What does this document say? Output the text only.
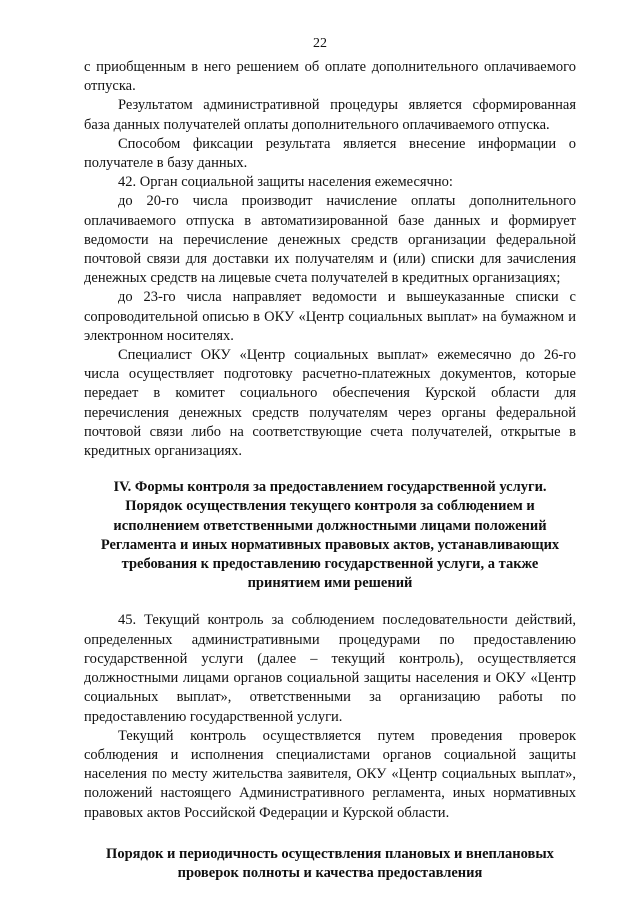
22

с приобщенным в него решением об оплате дополнительного оплачиваемого отпуска.

Результатом административной процедуры является сформированная база данных получателей оплаты дополнительного оплачиваемого отпуска.

Способом фиксации результата является внесение информации о получателе в базу данных.

42. Орган социальной защиты населения ежемесячно:

до 20-го числа производит начисление оплаты дополнительного оплачиваемого отпуска в автоматизированной базе данных и формирует ведомости на перечисление денежных средств организации федеральной почтовой связи для доставки их получателям и (или) списки для зачисления денежных средств на лицевые счета получателей в кредитных организациях;

до 23-го числа направляет ведомости и вышеуказанные списки с сопроводительной описью в ОКУ «Центр социальных выплат» на бумажном и электронном носителях.

Специалист ОКУ «Центр социальных выплат» ежемесячно до 26-го числа осуществляет подготовку расчетно-платежных документов, которые передает в комитет социального обеспечения Курской области для перечисления денежных средств получателям через органы федеральной почтовой связи либо на соответствующие счета получателей, открытые в кредитных организациях.

IV. Формы контроля за предоставлением государственной услуги.

Порядок осуществления текущего контроля за соблюдением и исполнением ответственными должностными лицами положений Регламента и иных нормативных правовых актов, устанавливающих требования к предоставлению государственной услуги, а также принятием ими решений

45. Текущий контроль за соблюдением последовательности действий, определенных административными процедурами по предоставлению государственной услуги (далее – текущий контроль), осуществляется должностными лицами органов социальной защиты населения и ОКУ «Центр социальных выплат», ответственными за организацию работы по предоставлению государственной услуги.

Текущий контроль осуществляется путем проведения проверок соблюдения и исполнения специалистами органов социальной защиты населения по месту жительства заявителя, ОКУ «Центр социальных выплат», положений настоящего Административного регламента, иных нормативных правовых актов Российской Федерации и Курской области.

Порядок и периодичность осуществления плановых и внеплановых проверок полноты и качества предоставления
